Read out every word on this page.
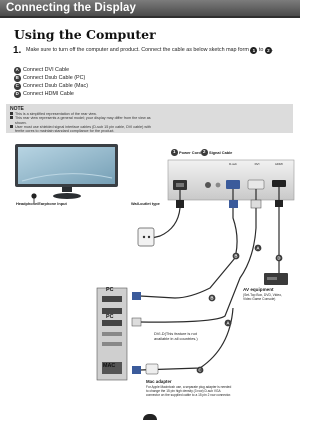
Connecting the Display
Using the Computer
1. Make sure to turn off the computer and product. Connect the cable as below sketch map form 1 to 2 .
A Connect DVI Cable
B Connect Dsub Cable (PC)
C Connect Dsub Cable (Mac)
D Connect HDMI Cable
NOTE
This is a simplified representation of the rear view.
This rear view represents a general model; your display may differ from the view as
shown.
User must use shielded signal interface cables (D-sub 15 pin cable, DVI cable) with
ferrite cores to maintain standard compliance for the product.
B
B
A
A
D
C
1 Power Cord 2 Signal Cable
D-sub	DVI	HDMI
Headphone/Earphone Input	Wall-outlet type
PC
PC
MAC
DVI-D(This feature is not
available in all countries.)
AV equipment
(Set-Top Box, DVD, Video,
Video Game Console)
Mac adapter
For Apple Macintosh use, a separate plug adapter is needed
to change the 15 pin high density (3 row) D-sub VGA
connector on the supplied cable to a 15 pin 2 row connector.
